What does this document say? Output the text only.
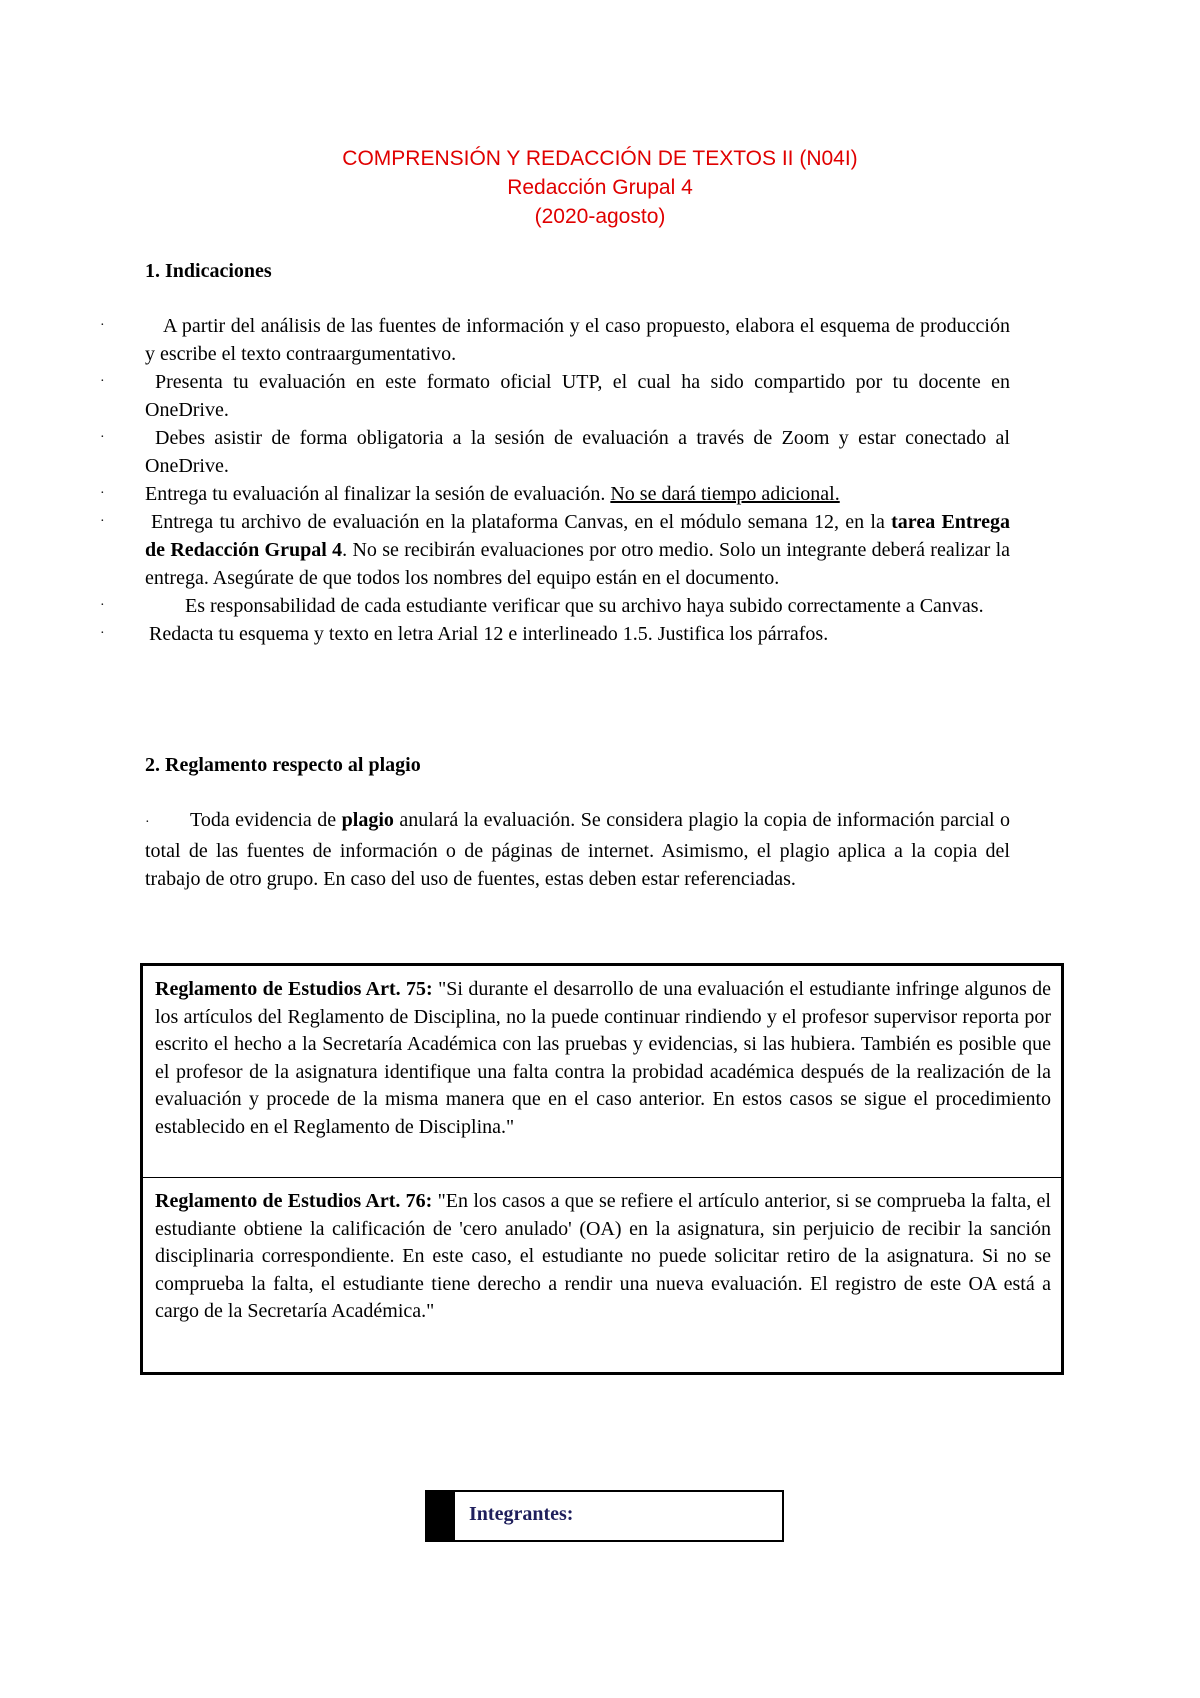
COMPRENSIÓN Y REDACCIÓN DE TEXTOS II (N04I)
Redacción Grupal 4
(2020-agosto)
1. Indicaciones
·	A partir del análisis de las fuentes de información y el caso propuesto, elabora el esquema de producción y escribe el texto contraargumentativo.
·	Presenta tu evaluación en este formato oficial UTP, el cual ha sido compartido por tu docente en OneDrive.
·	Debes asistir de forma obligatoria a la sesión de evaluación a través de Zoom y estar conectado al OneDrive.
·	Entrega tu evaluación al finalizar la sesión de evaluación. No se dará tiempo adicional.
·	Entrega tu archivo de evaluación en la plataforma Canvas, en el módulo semana 12, en la tarea Entrega de Redacción Grupal 4. No se recibirán evaluaciones por otro medio. Solo un integrante deberá realizar la entrega. Asegúrate de que todos los nombres del equipo están en el documento.
·	Es responsabilidad de cada estudiante verificar que su archivo haya subido correctamente a Canvas.
·	Redacta tu esquema y texto en letra Arial 12 e interlineado 1.5. Justifica los párrafos.
2. Reglamento respecto al plagio
· Toda evidencia de plagio anulará la evaluación. Se considera plagio la copia de información parcial o total de las fuentes de información o de páginas de internet. Asimismo, el plagio aplica a la copia del trabajo de otro grupo. En caso del uso de fuentes, estas deben estar referenciadas.
Reglamento de Estudios Art. 75: "Si durante el desarrollo de una evaluación el estudiante infringe algunos de los artículos del Reglamento de Disciplina, no la puede continuar rindiendo y el profesor supervisor reporta por escrito el hecho a la Secretaría Académica con las pruebas y evidencias, si las hubiera. También es posible que el profesor de la asignatura identifique una falta contra la probidad académica después de la realización de la evaluación y procede de la misma manera que en el caso anterior. En estos casos se sigue el procedimiento establecido en el Reglamento de Disciplina."
Reglamento de Estudios Art. 76: "En los casos a que se refiere el artículo anterior, si se comprueba la falta, el estudiante obtiene la calificación de 'cero anulado' (OA) en la asignatura, sin perjuicio de recibir la sanción disciplinaria correspondiente. En este caso, el estudiante no puede solicitar retiro de la asignatura. Si no se comprueba la falta, el estudiante tiene derecho a rendir una nueva evaluación. El registro de este OA está a cargo de la Secretaría Académica."
Integrantes:
